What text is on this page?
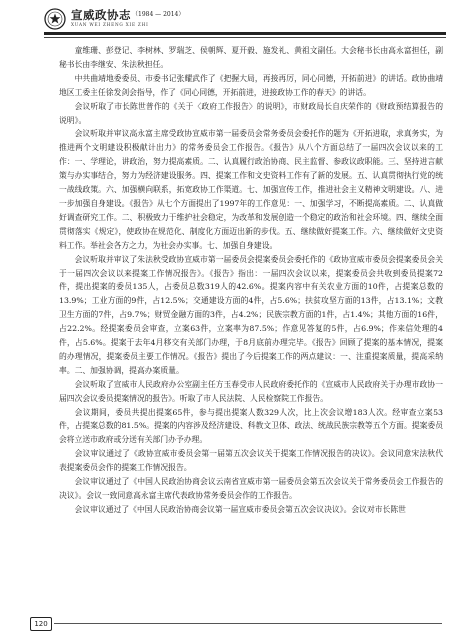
宣威政协志 （1984 — 2014）
XUAN WEI ZHENG XIE ZHI

童维珊、彭登记、李树林、罗瑞芝、侯朝辉、夏开毅、施发礼、黄祖文副任。大会秘书长由高永富担任，副秘书长由李继安、朱法秋担任。

中共曲靖地委委员、市委书记张耀武作了《把握大局，再接再厉，同心同德，开拓前进》的讲话。政协曲靖地区工委主任徐发剑会指导，作了《同心同德，开拓前进，进接政协工作的春天》的讲话。

会议听取了市长陈世普作的《关于〈政府工作报告〉的说明》，市财政局长自庆荣作的《财政预结算报告的说明》。

会议听取并审议高永富主席受政协宣威市第一届委员会常务委员会委托作的题为《开拓进取，求真务实，为推进两个文明建设积极献计出力》的常务委员会工作报告。《报告》从八个方面总结了一届四次会议以来的工作：一、学理论，讲政治，努力提高素质。二、认真履行政治协商、民主监督、参政议政职能。三、坚持进言献策与办实事结合，努力为经济建设服务。四、提案工作和文史资料工作有了新的发展。五、认真贯彻执行党的统一战线政策。六、加强横向联系，拓宽政协工作渠道。七、加强宣传工作，推进社会主义精神文明建设。八、进一步加强自身建设。《报告》从七个方面提出了1997年的工作意见：一、加强学习，不断提高素质。二、认真做好调查研究工作。二、积极致力于维护社会稳定，为改革和发展创造一个稳定的政治和社会环境。四、继续全面贯彻落实《规定》，使政协在规范化、制度化方面迈出新的步伐。五、继续做好提案工作。六、继续做好文史资料工作。举社会各方之力，为社会办实事。七、加强自身建设。

会议听取并审议了朱法秋受政协宣威市第一届委员会提案委员会委托作的《政协宣威市委员会提案委员会关于一届四次会议以来提案工作情况报告》。《报告》指出：一届四次会议以来，提案委员会共收到委员提案72件，提出提案的委员135人，占委员总数319人的42.6%。提案内容中有关农业方面的10件，占提案总数的13.9%；工业方面的9件，占12.5%；交通建设方面的4件，占5.6%；扶贫攻坚方面的13件，占13.1%；文教卫生方面的7件，占9.7%；财贸金融方面的3件，占4.2%；民族宗教方面的1件，占1.4%；其他方面的16件，占22.2%。经提案委员会审查，立案63件，立案率为87.5%；作意见答复的5件，占6.9%；作来信处理的4件，占5.6%。提案于去年4月移交有关部门办理，于8月底前办理完毕。《报告》回顾了提案的基本情况，提案的办理情况，提案委员主要工作情况。《报告》提出了今后提案工作的两点建议：一、注重提案质量，提高采纳率。二、加强协调，提高办案质量。

会议听取了宣威市人民政府办公室副主任方玉春受市人民政府委托作的《宣威市人民政府关于办理市政协一届四次会议委员提案情况的报告》。听取了市人民法院、人民检察院工作报告。

会议期间，委员共提出提案65件，参与提出提案人数329人次，比上次会议增183人次。经审查立案53件，占提案总数的81.5%。提案的内容涉及经济建设、科教文卫体、政法、统战民族宗教等五个方面。提案委员会将立送市政府或分送有关部门办予办理。

会议审议通过了《政协宣威市委员会第一届第五次会议关于提案工作情况报告的决议》。会议同意宋法秋代表提案委员会作的提案工作情况报告。

会议审议通过了《中国人民政治协商会议云南省宣威市第一届委员会第五次会议关于常务委员会工作报告的决议》。会议一致同意高永富主席代表政协常务委员会作的工作报告。

会议审议通过了《中国人民政治协商会议第一届宣威市委员会第五次会议决议》。会议对市长陈世

120
